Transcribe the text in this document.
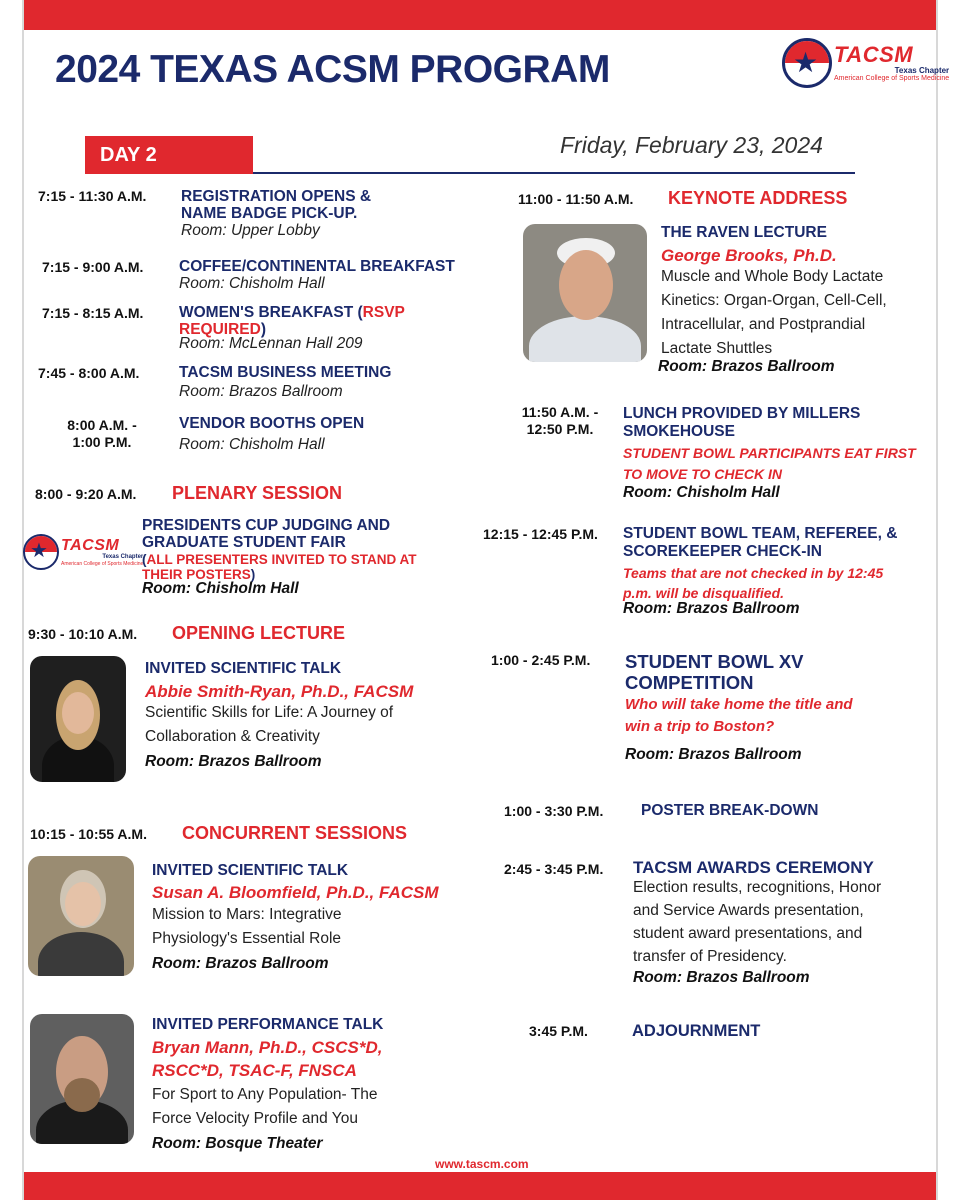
2024 TEXAS ACSM PROGRAM	★ TACSM
Texas Chapter
American College of Sports Medicine
DAY 2	Friday, February 23, 2024
7:15 - 11:30 A.M. REGISTRATION OPENS &
NAME BADGE PICK-UP.
Room: Upper Lobby
7:15 - 9:00 A.M. COFFEE/CONTINENTAL BREAKFAST
Room: Chisholm Hall
7:15 - 8:15 A.M. WOMEN'S BREAKFAST (RSVP
REQUIRED)
Room: McLennan Hall 209
7:45 - 8:00 A.M.	TACSM BUSINESS MEETING
Room: Brazos Ballroom
8:00 A.M. -
1:00 P.M.
VENDOR BOOTHS OPEN
Room: Chisholm Hall
8:00 - 9:20 A.M. PLENARY SESSION
★ TACSM
Texas Chapter
American College of Sports Medicine
PRESIDENTS CUP JUDGING AND
GRADUATE STUDENT FAIR
(ALL PRESENTERS INVITED TO STAND AT
THEIR POSTERS)
Room: Chisholm Hall
9:30 - 10:10 A.M. OPENING LECTURE
INVITED SCIENTIFIC TALK
Abbie Smith-Ryan, Ph.D., FACSM
Scientific Skills for Life: A Journey of
Collaboration & Creativity
Room: Brazos Ballroom
10:15 - 10:55 A.M. CONCURRENT SESSIONS
INVITED SCIENTIFIC TALK
Susan A. Bloomfield, Ph.D., FACSM
Mission to Mars: Integrative
Physiology's Essential Role
Room: Brazos Ballroom
INVITED PERFORMANCE TALK
Bryan Mann, Ph.D., CSCS*D,
RSCC*D, TSAC-F, FNSCA
For Sport to Any Population- The
Force Velocity Profile and You
Room: Bosque Theater
11:00 - 11:50 A.M. KEYNOTE ADDRESS
THE RAVEN LECTURE
George Brooks, Ph.D.
Muscle and Whole Body Lactate
Kinetics: Organ-Organ, Cell-Cell,
Intracellular, and Postprandial
Lactate Shuttles
Room: Brazos Ballroom
11:50 A.M. -
12:50 P.M.
LUNCH PROVIDED BY MILLERS
SMOKEHOUSE
STUDENT BOWL PARTICIPANTS EAT FIRST
TO MOVE TO CHECK IN
Room: Chisholm Hall
12:15 - 12:45 P.M. STUDENT BOWL TEAM, REFEREE, &
SCOREKEEPER CHECK-IN
Teams that are not checked in by 12:45
p.m. will be disqualified.
Room: Brazos Ballroom
1:00 - 2:45 P.M. STUDENT BOWL XV
COMPETITION
Who will take home the title and
win a trip to Boston?
Room: Brazos Ballroom
1:00 - 3:30 P.M. POSTER BREAK-DOWN
2:45 - 3:45 P.M. TACSM AWARDS CEREMONY
Election results, recognitions, Honor
and Service Awards presentation,
student award presentations, and
transfer of Presidency.
Room: Brazos Ballroom
3:45 P.M.	ADJOURNMENT
www.tascm.com
